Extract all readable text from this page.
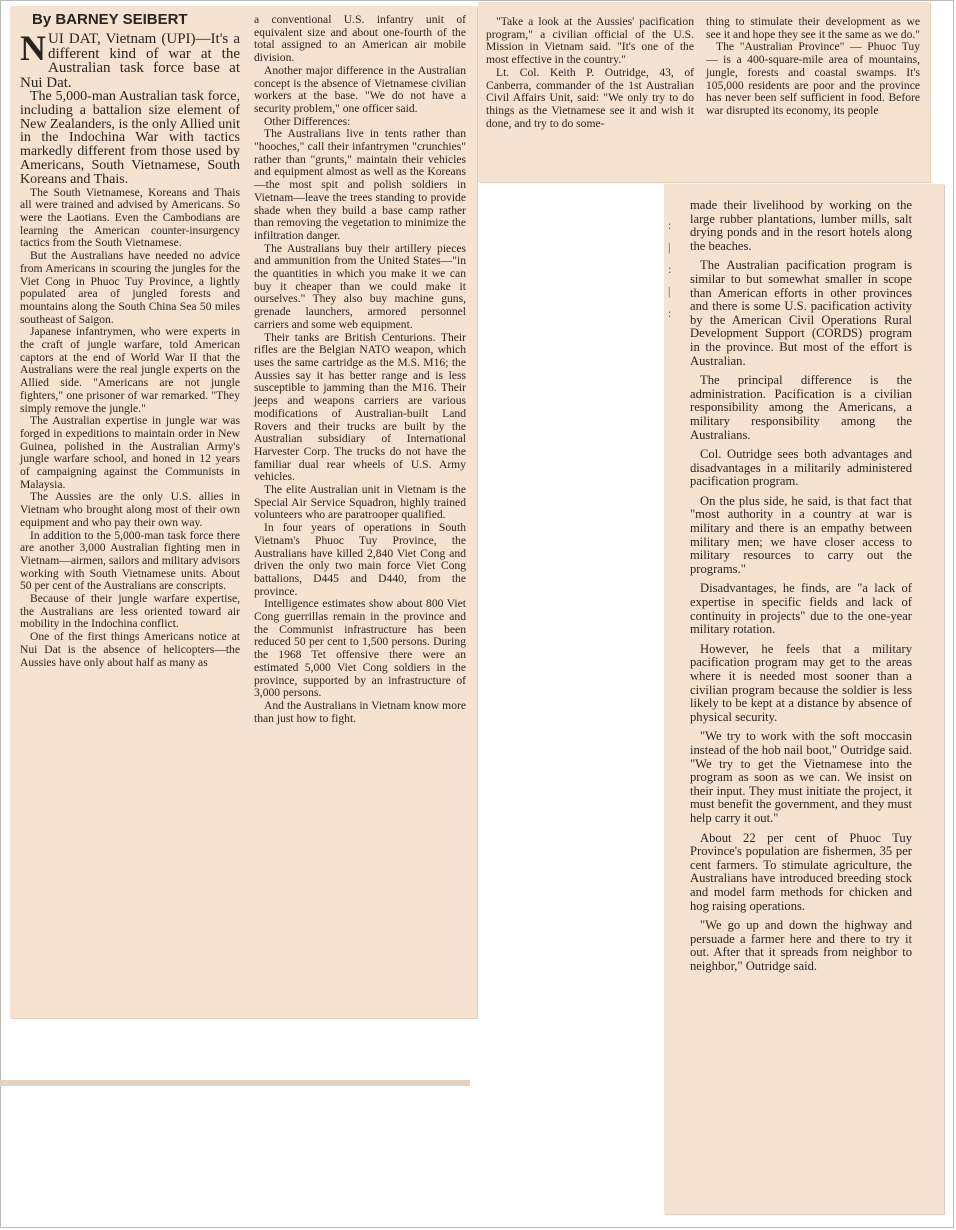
By BARNEY SEIBERT

NUI DAT, Vietnam (UPI)—It's a different kind of war at the Australian task force base at Nui Dat.

The 5,000-man Australian task force, including a battalion size element of New Zealanders, is the only Allied unit in the Indochina War with tactics markedly different from those used by Americans, South Vietnamese, South Koreans and Thais.

The South Vietnamese, Koreans and Thais all were trained and advised by Americans. So were the Laotians. Even the Cambodians are learning the American counter-insurgency tactics from the South Vietnamese.

But the Australians have needed no advice from Americans in scouring the jungles for the Viet Cong in Phuoc Tuy Province, a lightly populated area of jungled forests and mountains along the South China Sea 50 miles southeast of Saigon.

Japanese infantrymen, who were experts in the craft of jungle warfare, told American captors at the end of World War II that the Australians were the real jungle experts on the Allied side. "Americans are not jungle fighters," one prisoner of war remarked. "They simply remove the jungle."

The Australian expertise in jungle war was forged in expeditions to maintain order in New Guinea, polished in the Australian Army's jungle warfare school, and honed in 12 years of campaigning against the Communists in Malaysia.

The Aussies are the only U.S. allies in Vietnam who brought along most of their own equipment and who pay their own way.

In addition to the 5,000-man task force there are another 3,000 Australian fighting men in Vietnam—airmen, sailors and military advisors working with South Vietnamese units. About 50 per cent of the Australians are conscripts.

Because of their jungle warfare expertise, the Australians are less oriented toward air mobility in the Indochina conflict.

One of the first things Americans notice at Nui Dat is the absence of helicopters—the Aussies have only about half as many as

a conventional U.S. infantry unit of equivalent size and about one-fourth of the total assigned to an American air mobile division.

Another major difference in the Australian concept is the absence of Vietnamese civilian workers at the base. "We do not have a security problem," one officer said.

Other Differences:

The Australians live in tents rather than "hooches," call their infantrymen "crunchies" rather than "grunts," maintain their vehicles and equipment almost as well as the Koreans—the most spit and polish soldiers in Vietnam—leave the trees standing to provide shade when they build a base camp rather than removing the vegetation to minimize the infiltration danger.

The Australians buy their artillery pieces and ammunition from the United States—"in the quantities in which you make it we can buy it cheaper than we could make it ourselves." They also buy machine guns, grenade launchers, armored personnel carriers and some web equipment.

Their tanks are British Centurions. Their rifles are the Belgian NATO weapon, which uses the same cartridge as the M.S. M16; the Aussies say it has better range and is less susceptible to jamming than the M16. Their jeeps and weapons carriers are various modifications of Australian-built Land Rovers and their trucks are built by the Australian subsidiary of International Harvester Corp. The trucks do not have the familiar dual rear wheels of U.S. Army vehicles.

The elite Australian unit in Vietnam is the Special Air Service Squadron, highly trained volunteers who are paratrooper qualified.

In four years of operations in South Vietnam's Phuoc Tuy Province, the Australians have killed 2,840 Viet Cong and driven the only two main force Viet Cong battalions, D445 and D440, from the province.

Intelligence estimates show about 800 Viet Cong guerrillas remain in the province and the Communist infrastructure has been reduced 50 per cent to 1,500 persons. During the 1968 Tet offensive there were an estimated 5,000 Viet Cong soldiers in the province, supported by an infrastructure of 3,000 persons.

And the Australians in Vietnam know more than just how to fight.

"Take a look at the Aussies' pacification program," a civilian official of the U.S. Mission in Vietnam said. "It's one of the most effective in the country."

Lt. Col. Keith P. Outridge, 43, of Canberra, commander of the 1st Australian Civil Affairs Unit, said: "We only try to do things as the Vietnamese see it and wish it done, and try to do some-

thing to stimulate their development as we see it and hope they see it the same as we do."

The "Australian Province" — Phuoc Tuy — is a 400-square-mile area of mountains, jungle, forests and coastal swamps. It's 105,000 residents are poor and the province has never been self sufficient in food. Before war disrupted its economy, its people

:
|
:
|
:

made their livelihood by working on the large rubber plantations, lumber mills, salt drying ponds and in the resort hotels along the beaches.

The Australian pacification program is similar to but somewhat smaller in scope than American efforts in other provinces and there is some U.S. pacification activity by the American Civil Operations Rural Development Support (CORDS) program in the province. But most of the effort is Australian.

The principal difference is the administration. Pacification is a civilian responsibility among the Americans, a military responsibility among the Australians.

Col. Outridge sees both advantages and disadvantages in a militarily administered pacification program.

On the plus side, he said, is that fact that "most authority in a country at war is military and there is an empathy between military men; we have closer access to military resources to carry out the programs."

Disadvantages, he finds, are "a lack of expertise in specific fields and lack of continuity in projects" due to the one-year military rotation.

However, he feels that a military pacification program may get to the areas where it is needed most sooner than a civilian program because the soldier is less likely to be kept at a distance by absence of physical security.

"We try to work with the soft moccasin instead of the hob nail boot," Outridge said. "We try to get the Vietnamese into the program as soon as we can. We insist on their input. They must initiate the project, it must benefit the government, and they must help carry it out."

About 22 per cent of Phuoc Tuy Province's population are fishermen, 35 per cent farmers. To stimulate agriculture, the Australians have introduced breeding stock and model farm methods for chicken and hog raising operations.

"We go up and down the highway and persuade a farmer here and there to try it out. After that it spreads from neighbor to neighbor," Outridge said.
